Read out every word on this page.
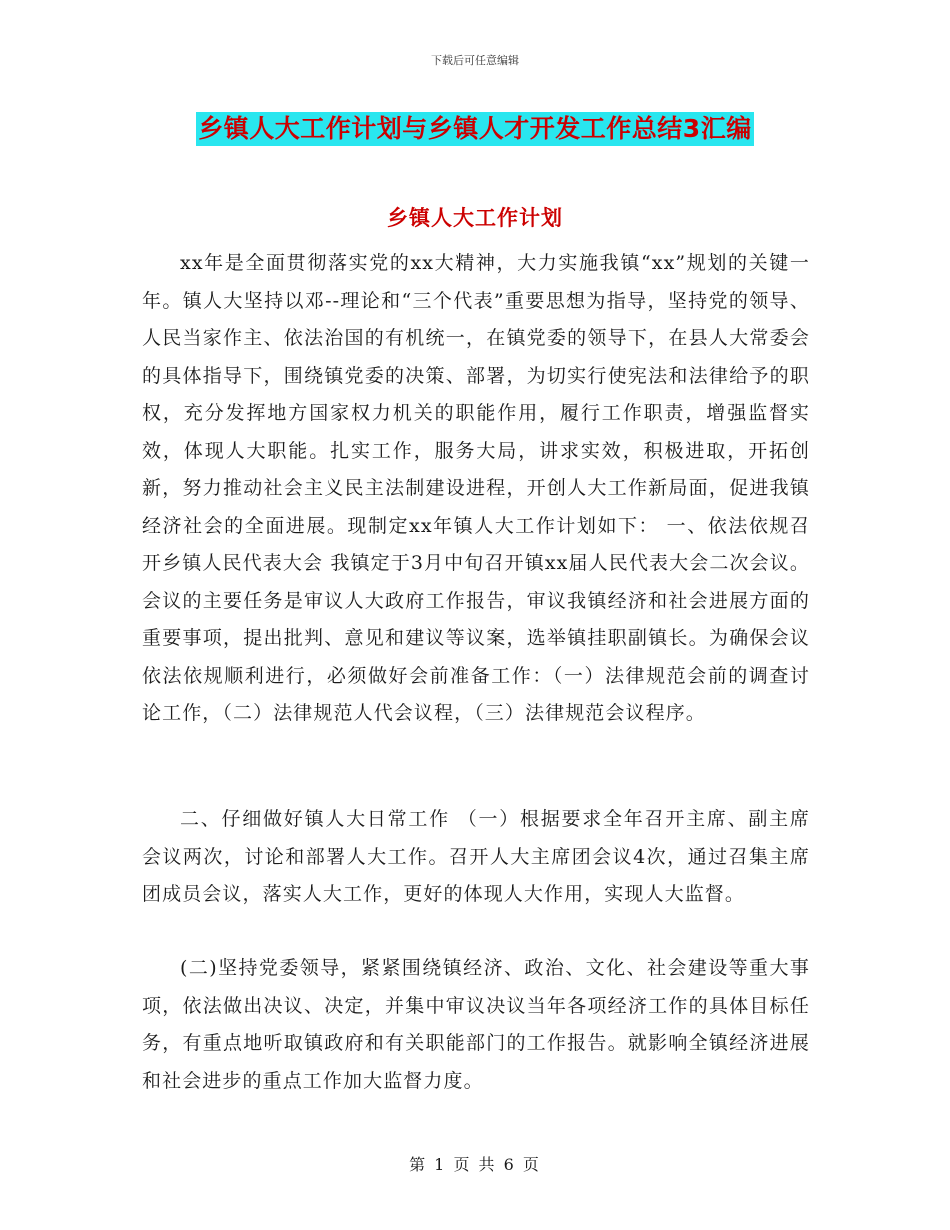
下载后可任意编辑
乡镇人大工作计划与乡镇人才开发工作总结3汇编
乡镇人大工作计划

xx年是全面贯彻落实党的xx大精神，大力实施我镇“xx”规划的关键一年。镇人大坚持以邓--理论和“三个代表”重要思想为指导，坚持党的领导、人民当家作主、依法治国的有机统一，在镇党委的领导下，在县人大常委会的具体指导下，围绕镇党委的决策、部署，为切实行使宪法和法律给予的职权，充分发挥地方国家权力机关的职能作用，履行工作职责，增强监督实效，体现人大职能。扎实工作，服务大局，讲求实效，积极进取，开拓创新，努力推动社会主义民主法制建设进程，开创人大工作新局面，促进我镇经济社会的全面进展。现制定xx年镇人大工作计划如下： 一、依法依规召开乡镇人民代表大会 我镇定于3月中旬召开镇xx届人民代表大会二次会议。会议的主要任务是审议人大政府工作报告，审议我镇经济和社会进展方面的重要事项，提出批判、意见和建议等议案，选举镇挂职副镇长。为确保会议依法依规顺利进行，必须做好会前准备工作：（一）法律规范会前的调查讨论工作，（二）法律规范人代会议程，（三）法律规范会议程序。

二、仔细做好镇人大日常工作 （一）根据要求全年召开主席、副主席会议两次，讨论和部署人大工作。召开人大主席团会议4次，通过召集主席团成员会议，落实人大工作，更好的体现人大作用，实现人大监督。

(二)坚持党委领导，紧紧围绕镇经济、政治、文化、社会建设等重大事项，依法做出决议、决定，并集中审议决议当年各项经济工作的具体目标任务，有重点地听取镇政府和有关职能部门的工作报告。就影响全镇经济进展和社会进步的重点工作加大监督力度。

第 1 页 共 6 页
